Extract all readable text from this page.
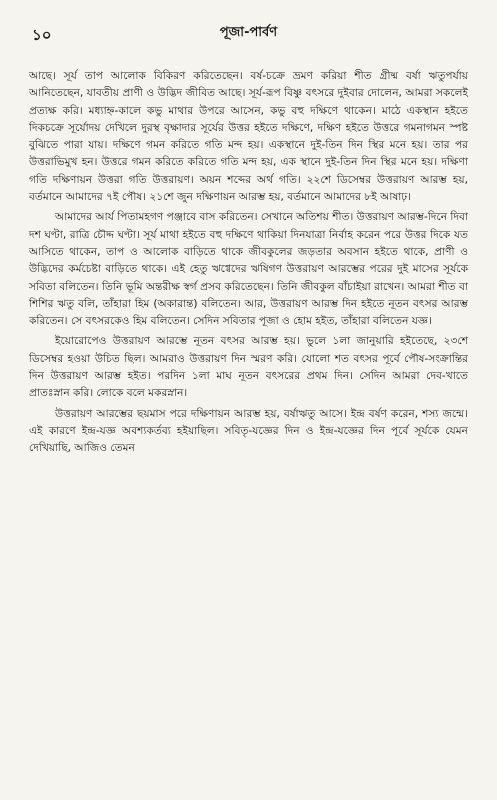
১০	পূজা-পার্বণ

আছে। সূর্য তাপ আলোক বিকিরণ করিতেছেন। বর্ষ-চক্রে ভ্রমণ করিয়া শীত গ্রীষ্ম বর্ষা ঋতুপর্যায় আনিতেছেন, যাবতীয় প্রাণী ও উদ্ভিদ জীবিত আছে। সূর্য-রূপ বিষ্ণু বৎসরে দুইবার দোলেন, আমরা সকলেই প্রত্যক্ষ করি। মধ্যাহ্ন-কালে কভু মাথার উপরে আসেন, কভু বহু দক্ষিণে থাকেন। মাঠে একস্থান হইতে দিকচক্রে সূর্যোদয় দেখিলে দুরস্থ বৃক্ষাদার সূর্যের উত্তর হইতে দক্ষিণে, দক্ষিণ হইতে উত্তরে গমনাগমন স্পষ্ট বুঝিতে পারা যায়। দক্ষিণে গমন করিতে গতি মন্দ হয়। একস্থানে দুই-তিন দিন স্থির মনে হয়। তার পর উত্তরাভিমুখ হন। উত্তরে গমন করিতে করিতে গতি মন্দ হয়, এক স্থানে দুই-তিন দিন স্থির মনে হয়। দক্ষিণা গতি দক্ষিণায়ন উত্তরা গতি উত্তরায়ণ। অয়ন শব্দের অর্থ গতি। ২২শে ডিসেম্বর উত্তরায়ণ আরম্ভ হয়, বর্তমানে আমাদের ৭ই পৌষ। ২১শে জুন দক্ষিণায়ন আরম্ভ হয়, বর্তমানে আমাদের ৮ই আষাঢ়।

আমাদের আর্য পিতামহগণ পঞ্জাবে বাস করিতেন। সেখানে অতিশয় শীত। উত্তরায়ণ আরম্ভ-দিনে দিবা দশ ঘণ্টা, রাত্রি চৌদ্দ ঘণ্টা। সূর্য মাথা হইতে বহু দক্ষিণে থাকিয়া দিনযাত্রা নির্বাহ করেন পরে উত্তর দিকে যত আসিতে থাকেন, তাপ ও আলোক বাড়িতে থাকে জীবকুলের জড়তার অবসান হইতে থাকে, প্রাণী ও উদ্ভিদের কর্মচেষ্টা বাড়িতে থাকে। এই হেতু ঋগ্বেদের ঋষিগণ উত্তরায়ণ আরম্ভের পরের দুই মাসের সূর্যকে সবিতা বলিতেন। তিনি ভূমি অন্তরীক্ষ স্বর্গ প্রসব করিতেছেন। তিনি জীবকুল বাঁচাইয়া রাখেন। আমরা শীত বা শিশির ঋতু বলি, তাঁহারা হিম (অকারান্ত) বলিতেন। আর, উত্তরায়ণ আরম্ভ দিন হইতে নূতন বৎসর আরম্ভ করিতেন। সে বৎসরকেও হিম বলিতেন। সেদিন সবিতার পূজা ও হোম হইত, তাঁহারা বলিতেন যজ্ঞ।

ইয়োরোপেও উত্তরায়ণ আরম্ভে নূতন বৎসর আরম্ভ হয়। ভুলে ১লা জানুয়ারি হইতেছে, ২৩শে ডিসেম্বর হওয়া উচিত ছিল। আমরাও উত্তরায়ণ দিন স্মরণ করি। যোলো শত বৎসর পূর্বে পৌষ-সংক্রান্তির দিন উত্তরায়ণ আরম্ভ হইত। পরদিন ১লা মাঘ নূতন বৎসরের প্রথম দিন। সেদিন আমরা দেব-খাতে প্রাতঃস্নান করি। লোকে বলে মকরস্নান।

উত্তরায়ণ আরম্ভের ছয়মাস পরে দক্ষিণায়ন আরম্ভ হয়, বর্ষাঋতু আসে। ইন্দ্র বর্ষণ করেন, শস্য জন্মে। এই কারণে ইন্দ্র-যজ্ঞ অবশ্যকর্তব্য হইয়াছিল। সবিতৃ-যজ্ঞের দিন ও ইন্দ্র-যজ্ঞের দিন পূর্বে সূর্যকে যেমন দেখিয়াছি, আজিও তেমন
